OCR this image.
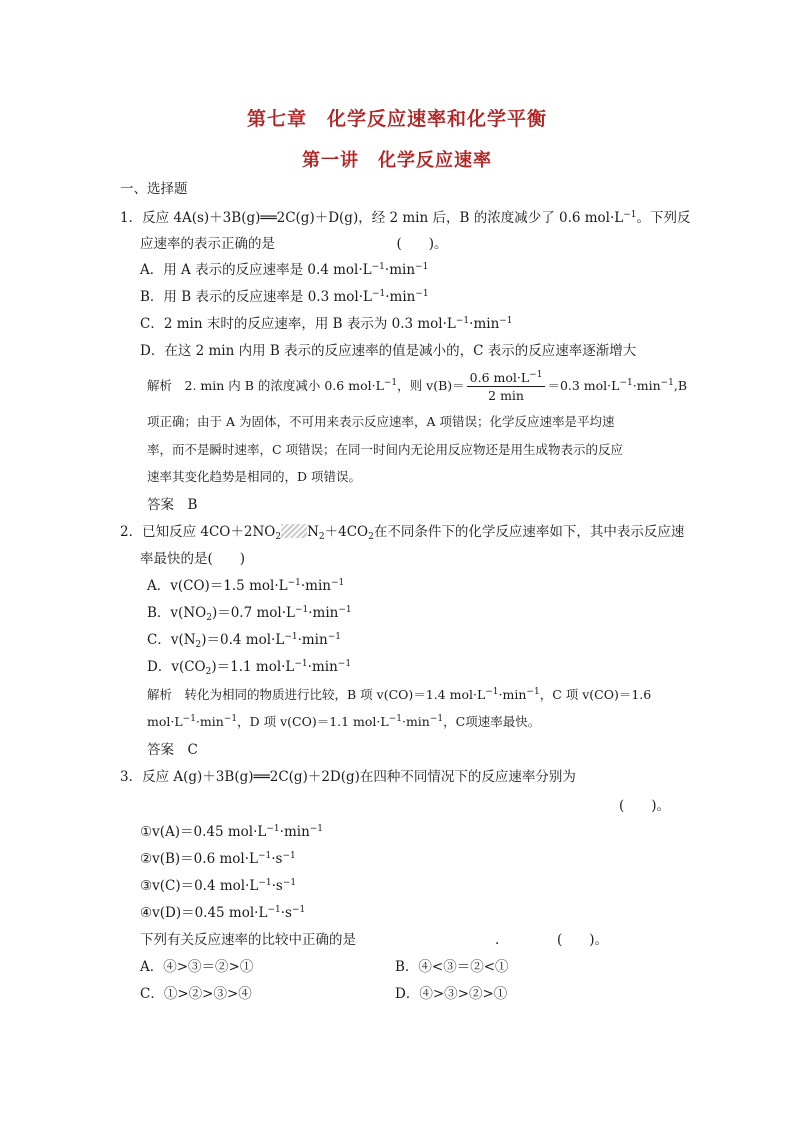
第七章　化学反应速率和化学平衡
第一讲　化学反应速率
一、选择题
1．反应 4A(s)＋3B(g)══2C(g)＋D(g)，经 2 min 后，B 的浓度减少了 0.6 $mol\cdot L^{-1}$。下列反
应速率的表示正确的是　　　　　　　　　(　　)。
A．用 A 表示的反应速率是 0.4 $mol\cdot L^{-1}\cdot\min^{-1}$
B．用 B 表示的反应速率是 0.3 $mol\cdot L^{-1}\cdot\min^{-1}$
C．2 min 末时的反应速率，用 B 表示为 0.3 $mol\cdot L^{-1}\cdot\min^{-1}$
D．在这 2 min 内用 B 表示的反应速率的值是减小的，C 表示的反应速率逐渐增大
解析　2. min 内 B 的浓度减小 0.6 $mol\cdot L^{-1}$，则 $v(B)= \frac{0.6 mol\cdot L^{-1}}{2 \min} =0.3$ $mol\cdot L^{-1}\cdot\min^{-1},B$
项正确；由于 A 为固体，不可用来表示反应速率，A 项错误；化学反应速率是平均速
率，而不是瞬时速率，C 项错误；在同一时间内无论用反应物还是用生成物表示的反应
速率其变化趋势是相同的，D 项错误。
答案　B
2．已知反应 $4CO+2NO_2$ $N_2+4CO_2$在不同条件下的化学反应速率如下，其中表示反应速
率最快的是(　　)
A．v(CO)＝1.5 $mol\cdot L^{-1}\cdot\min^{-1}$
B．$v(NO_2)=0.7$ $mol\cdot L^{-1}\cdot\min^{-1}$
C．$v(N_2)=0.4$ $mol\cdot L^{-1}\cdot\min^{-1}$
D．$v(CO_2)=1.1$ $mol\cdot L^{-1}\cdot\min^{-1}$
解析　转化为相同的物质进行比较，B 项 v(CO)＝1.4 $mol\cdot L^{-1}\cdot\min^{-1}$，C 项 v(CO)＝1.6
$mol\cdot L^{-1}\cdot\min^{-1}$，D 项 v(CO)＝1.1 $mol\cdot L^{-1}\cdot\min^{-1}$，C项速率最快。
答案　C
3．反应 A(g)＋3B(g)══2C(g)＋2D(g)在四种不同情况下的反应速率分别为
(　　)。
①v(A)＝0.45 $mol\cdot L^{-1}\cdot\min^{-1}$
②v(B)＝0.6 $mol\cdot L^{-1}\cdot s^{-1}$
③v(C)＝0.4 $mol\cdot L^{-1}\cdot s^{-1}$
④v(D)＝0.45 $mol\cdot L^{-1}\cdot s^{-1}$
下列有关反应速率的比较中正确的是	.	(　　)。
A．④>③＝②>①	B．④<③＝②<①
C．①>②>③>④	D．④>③>②>①
